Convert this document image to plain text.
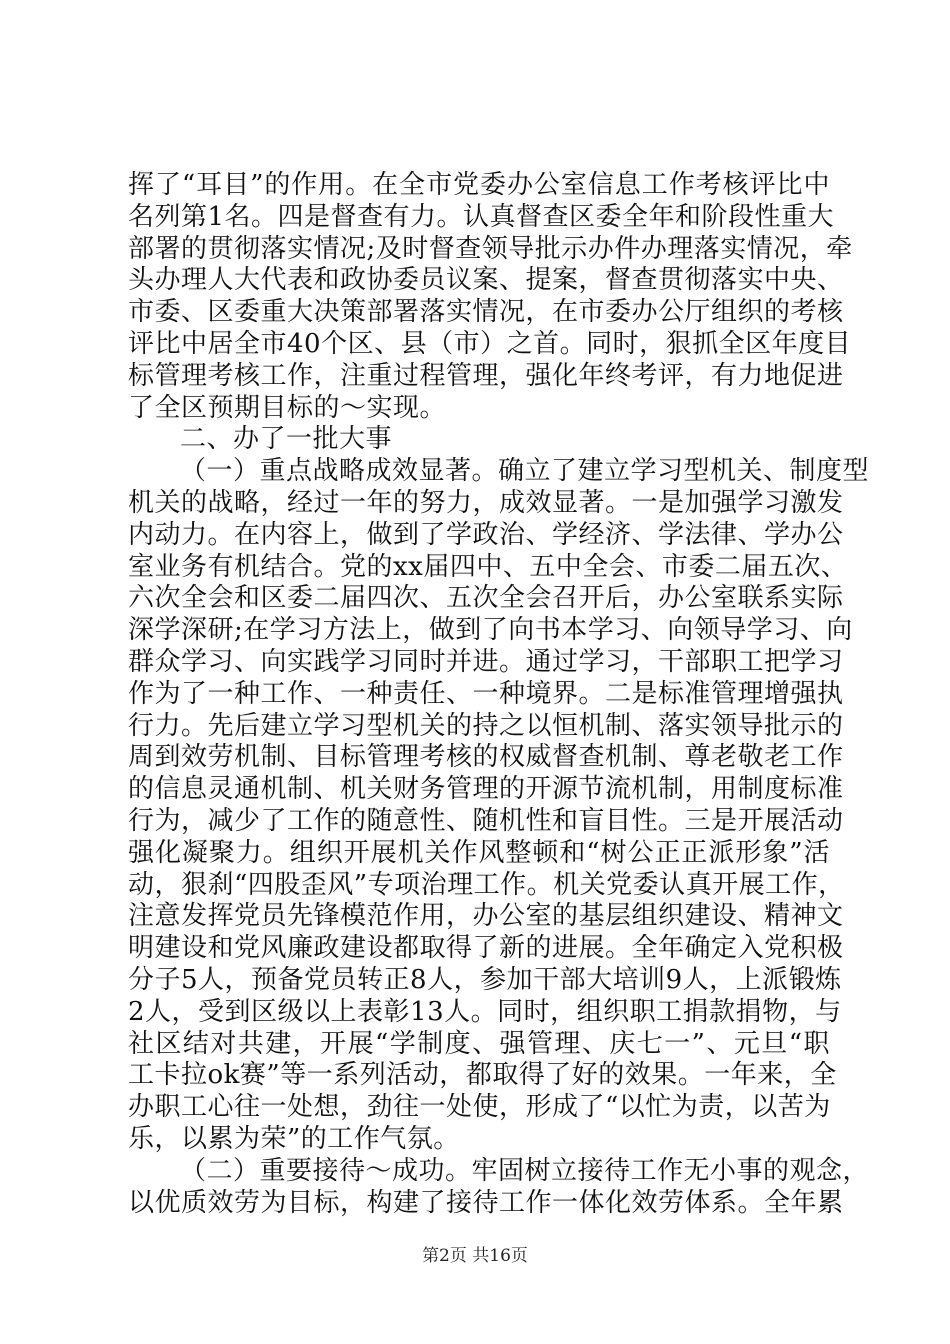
挥了“耳目”的作用。在全市党委办公室信息工作考核评比中
名列第1名。四是督查有力。认真督查区委全年和阶段性重大
部署的贯彻落实情况;及时督查领导批示办件办理落实情况，牵
头办理人大代表和政协委员议案、提案，督查贯彻落实中央、
市委、区委重大决策部署落实情况，在市委办公厅组织的考核
评比中居全市40个区、县（市）之首。同时，狠抓全区年度目
标管理考核工作，注重过程管理，强化年终考评，有力地促进
了全区预期目标的～实现。
二、办了一批大事
（一）重点战略成效显著。确立了建立学习型机关、制度型
机关的战略，经过一年的努力，成效显著。一是加强学习激发
内动力。在内容上，做到了学政治、学经济、学法律、学办公
室业务有机结合。党的xx届四中、五中全会、市委二届五次、
六次全会和区委二届四次、五次全会召开后，办公室联系实际
深学深研;在学习方法上，做到了向书本学习、向领导学习、向
群众学习、向实践学习同时并进。通过学习，干部职工把学习
作为了一种工作、一种责任、一种境界。二是标准管理增强执
行力。先后建立学习型机关的持之以恒机制、落实领导批示的
周到效劳机制、目标管理考核的权威督查机制、尊老敬老工作
的信息灵通机制、机关财务管理的开源节流机制，用制度标准
行为，减少了工作的随意性、随机性和盲目性。三是开展活动
强化凝聚力。组织开展机关作风整顿和“树公正正派形象”活
动，狠刹“四股歪风”专项治理工作。机关党委认真开展工作，
注意发挥党员先锋模范作用，办公室的基层组织建设、精神文
明建设和党风廉政建设都取得了新的进展。全年确定入党积极
分子5人，预备党员转正8人，参加干部大培训9人，上派锻炼
2人，受到区级以上表彰13人。同时，组织职工捐款捐物，与
社区结对共建，开展“学制度、强管理、庆七一”、元旦“职
工卡拉ok赛”等一系列活动，都取得了好的效果。一年来，全
办职工心往一处想，劲往一处使，形成了“以忙为责，以苦为
乐，以累为荣”的工作气氛。
（二）重要接待～成功。牢固树立接待工作无小事的观念，
以优质效劳为目标，构建了接待工作一体化效劳体系。全年累
第2页 共16页
